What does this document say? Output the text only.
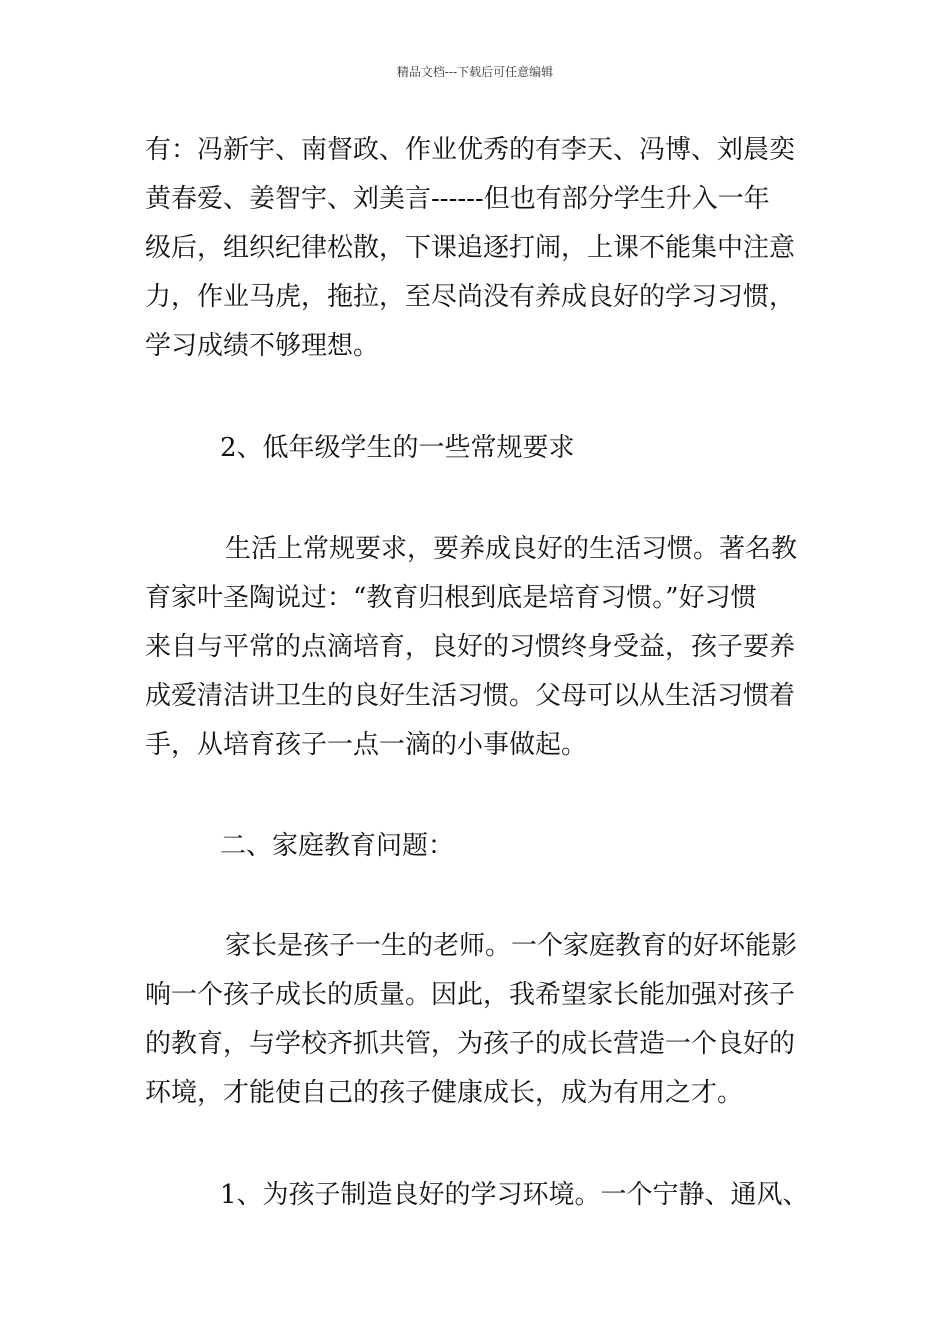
精品文档---下载后可任意编辑
有：冯新宇、南督政、作业优秀的有李天、冯博、刘晨奕
黄春爱、姜智宇、刘美言------但也有部分学生升入一年
级后，组织纪律松散，下课追逐打闹，上课不能集中注意
力，作业马虎，拖拉，至尽尚没有养成良好的学习习惯，
学习成绩不够理想。
2、低年级学生的一些常规要求
生活上常规要求，要养成良好的生活习惯。著名教
育家叶圣陶说过：“教育归根到底是培育习惯。”好习惯
来自与平常的点滴培育，良好的习惯终身受益，孩子要养
成爱清洁讲卫生的良好生活习惯。父母可以从生活习惯着
手，从培育孩子一点一滴的小事做起。
二、家庭教育问题：
家长是孩子一生的老师。一个家庭教育的好坏能影
响一个孩子成长的质量。因此，我希望家长能加强对孩子
的教育，与学校齐抓共管，为孩子的成长营造一个良好的
环境，才能使自己的孩子健康成长，成为有用之才。
1、为孩子制造良好的学习环境。一个宁静、通风、
